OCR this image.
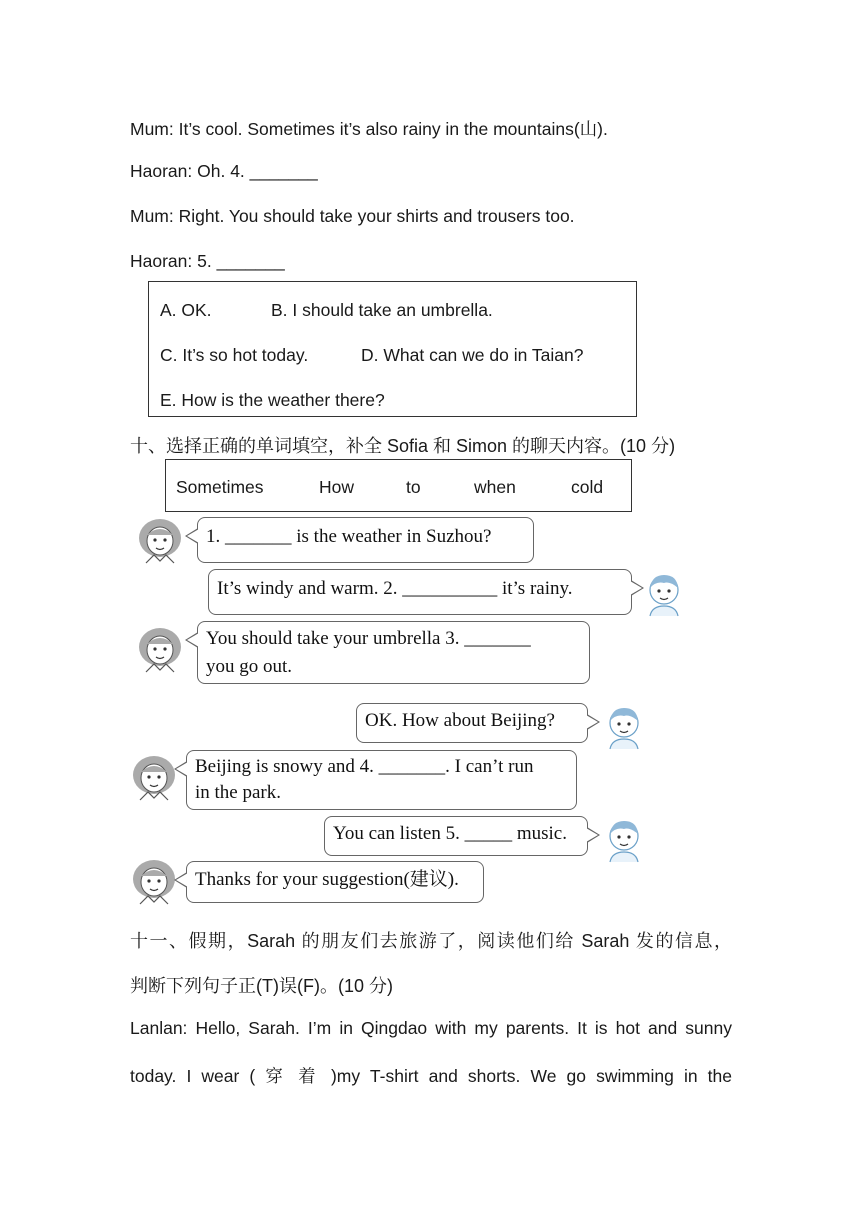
Mum: It’s cool. Sometimes it’s also rainy in the mountains(山).
Haoran: Oh. 4. _______
Mum: Right. You should take your shirts and trousers too.
Haoran: 5. _______
A. OK.	B. I should take an umbrella.
C. It’s so hot today.	D. What can we do in Taian?
E. How is the weather there?
十、选择正确的单词填空，补全 Sofia 和 Simon 的聊天内容。(10 分)
Sometimes	How	to	when	cold
1. _______ is the weather in Suzhou?
It’s windy and warm. 2. __________ it’s rainy.
You should take your umbrella 3. _______
you go out.
OK. How about Beijing?
Beijing is snowy and 4. _______. I can’t run
in the park.
You can listen 5. _____ music.
Thanks for your suggestion(建议).
十一、假期，Sarah 的朋友们去旅游了，阅读他们给 Sarah 发的信息，
判断下列句子正(T)误(F)。(10 分)
Lanlan: Hello, Sarah. I’m in Qingdao with my parents. It is hot and sunny
today. I wear ( 穿 着 )my T-shirt and shorts. We go swimming in the
